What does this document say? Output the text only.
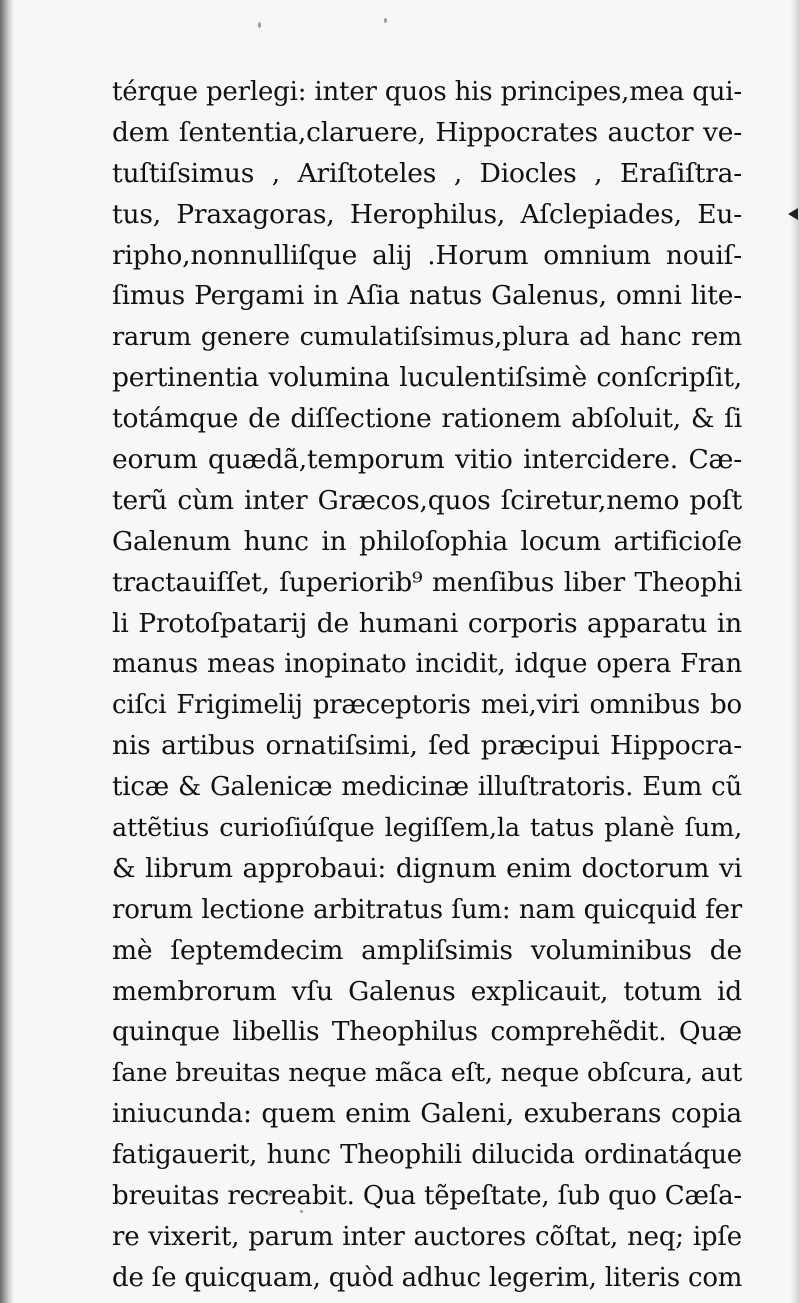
térque perlegi: inter quos his principes,mea qui-
dem ſententia,claruere, Hippocrates auctor ve-
tuſtiſsimus , Ariſtoteles , Diocles , Eraſiſtra-
tus, Praxagoras, Herophilus, Aſclepiades, Eu-
ripho,nonnulliſque alij .Horum omnium nouiſ-
ſimus Pergami in Aſia natus Galenus, omni lite-
rarum genere cumulatiſsimus,plura ad hanc rem
pertinentia volumina luculentiſsimè conſcripſit,
totámque de diſſectione rationem abſoluit, & ſi
eorum quædã,temporum vitio intercidere. Cæ-
terũ cùm inter Græcos,quos ſciretur,nemo poſt
Galenum hunc in philoſophia locum artificioſe
tractauiſſet, ſuperiorib⁹ menſibus liber Theophi
li Protoſpatarij de humani corporis apparatu in
manus meas inopinato incidit, idque opera Fran
ciſci Frigimelij præceptoris mei,viri omnibus bo
nis artibus ornatiſsimi, ſed præcipui Hippocra-
ticæ & Galenicæ medicinæ illuſtratoris. Eum cũ
attẽtius curioſiúſque legiſſem,la tatus planè ſum,
& librum approbaui: dignum enim doctorum vi
rorum lectione arbitratus ſum: nam quicquid fer
mè ſeptemdecim ampliſsimis voluminibus de
membrorum vſu Galenus explicauit, totum id
quinque libellis Theophilus comprehẽdit. Quæ
ſane breuitas neque mãca eſt, neque obſcura, aut
iniucunda: quem enim Galeni, exuberans copia
fatigauerit, hunc Theophili dilucida ordinatáque
breuitas recreabit. Qua tẽpeſtate, ſub quo Cæſa-
re vixerit, parum inter auctores cõſtat, neq; ipſe
de ſe quicquam, quòd adhuc legerim, literis com
